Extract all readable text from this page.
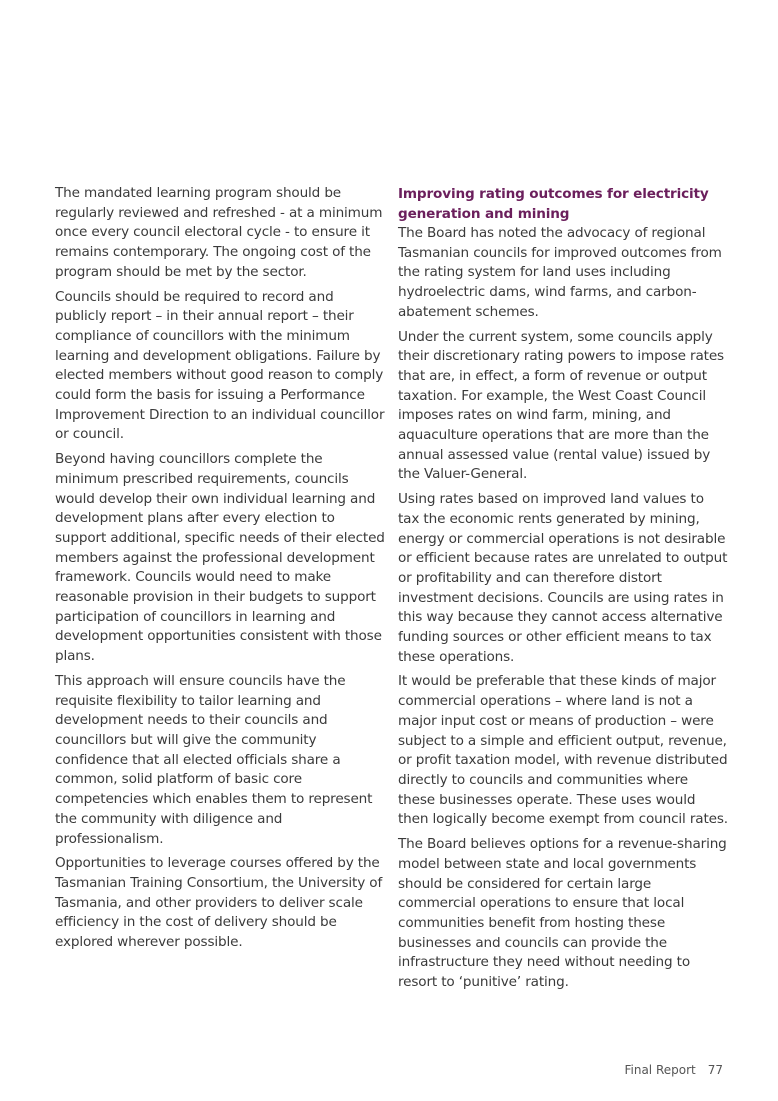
The mandated learning program should be regularly reviewed and refreshed - at a minimum once every council electoral cycle - to ensure it remains contemporary. The ongoing cost of the program should be met by the sector.

Councils should be required to record and publicly report – in their annual report – their compliance of councillors with the minimum learning and development obligations. Failure by elected members without good reason to comply could form the basis for issuing a Performance Improvement Direction to an individual councillor or council.

Beyond having councillors complete the minimum prescribed requirements, councils would develop their own individual learning and development plans after every election to support additional, specific needs of their elected members against the professional development framework. Councils would need to make reasonable provision in their budgets to support participation of councillors in learning and development opportunities consistent with those plans.

This approach will ensure councils have the requisite flexibility to tailor learning and development needs to their councils and councillors but will give the community confidence that all elected officials share a common, solid platform of basic core competencies which enables them to represent the community with diligence and professionalism.

Opportunities to leverage courses offered by the Tasmanian Training Consortium, the University of Tasmania, and other providers to deliver scale efficiency in the cost of delivery should be explored wherever possible.

Improving rating outcomes for electricity generation and mining

The Board has noted the advocacy of regional Tasmanian councils for improved outcomes from the rating system for land uses including hydroelectric dams, wind farms, and carbon-abatement schemes.

Under the current system, some councils apply their discretionary rating powers to impose rates that are, in effect, a form of revenue or output taxation. For example, the West Coast Council imposes rates on wind farm, mining, and aquaculture operations that are more than the annual assessed value (rental value) issued by the Valuer-General.

Using rates based on improved land values to tax the economic rents generated by mining, energy or commercial operations is not desirable or efficient because rates are unrelated to output or profitability and can therefore distort investment decisions. Councils are using rates in this way because they cannot access alternative funding sources or other efficient means to tax these operations.

It would be preferable that these kinds of major commercial operations – where land is not a major input cost or means of production – were subject to a simple and efficient output, revenue, or profit taxation model, with revenue distributed directly to councils and communities where these businesses operate. These uses would then logically become exempt from council rates.

The Board believes options for a revenue-sharing model between state and local governments should be considered for certain large commercial operations to ensure that local communities benefit from hosting these businesses and councils can provide the infrastructure they need without needing to resort to ‘punitive’ rating.

Final Report 77
